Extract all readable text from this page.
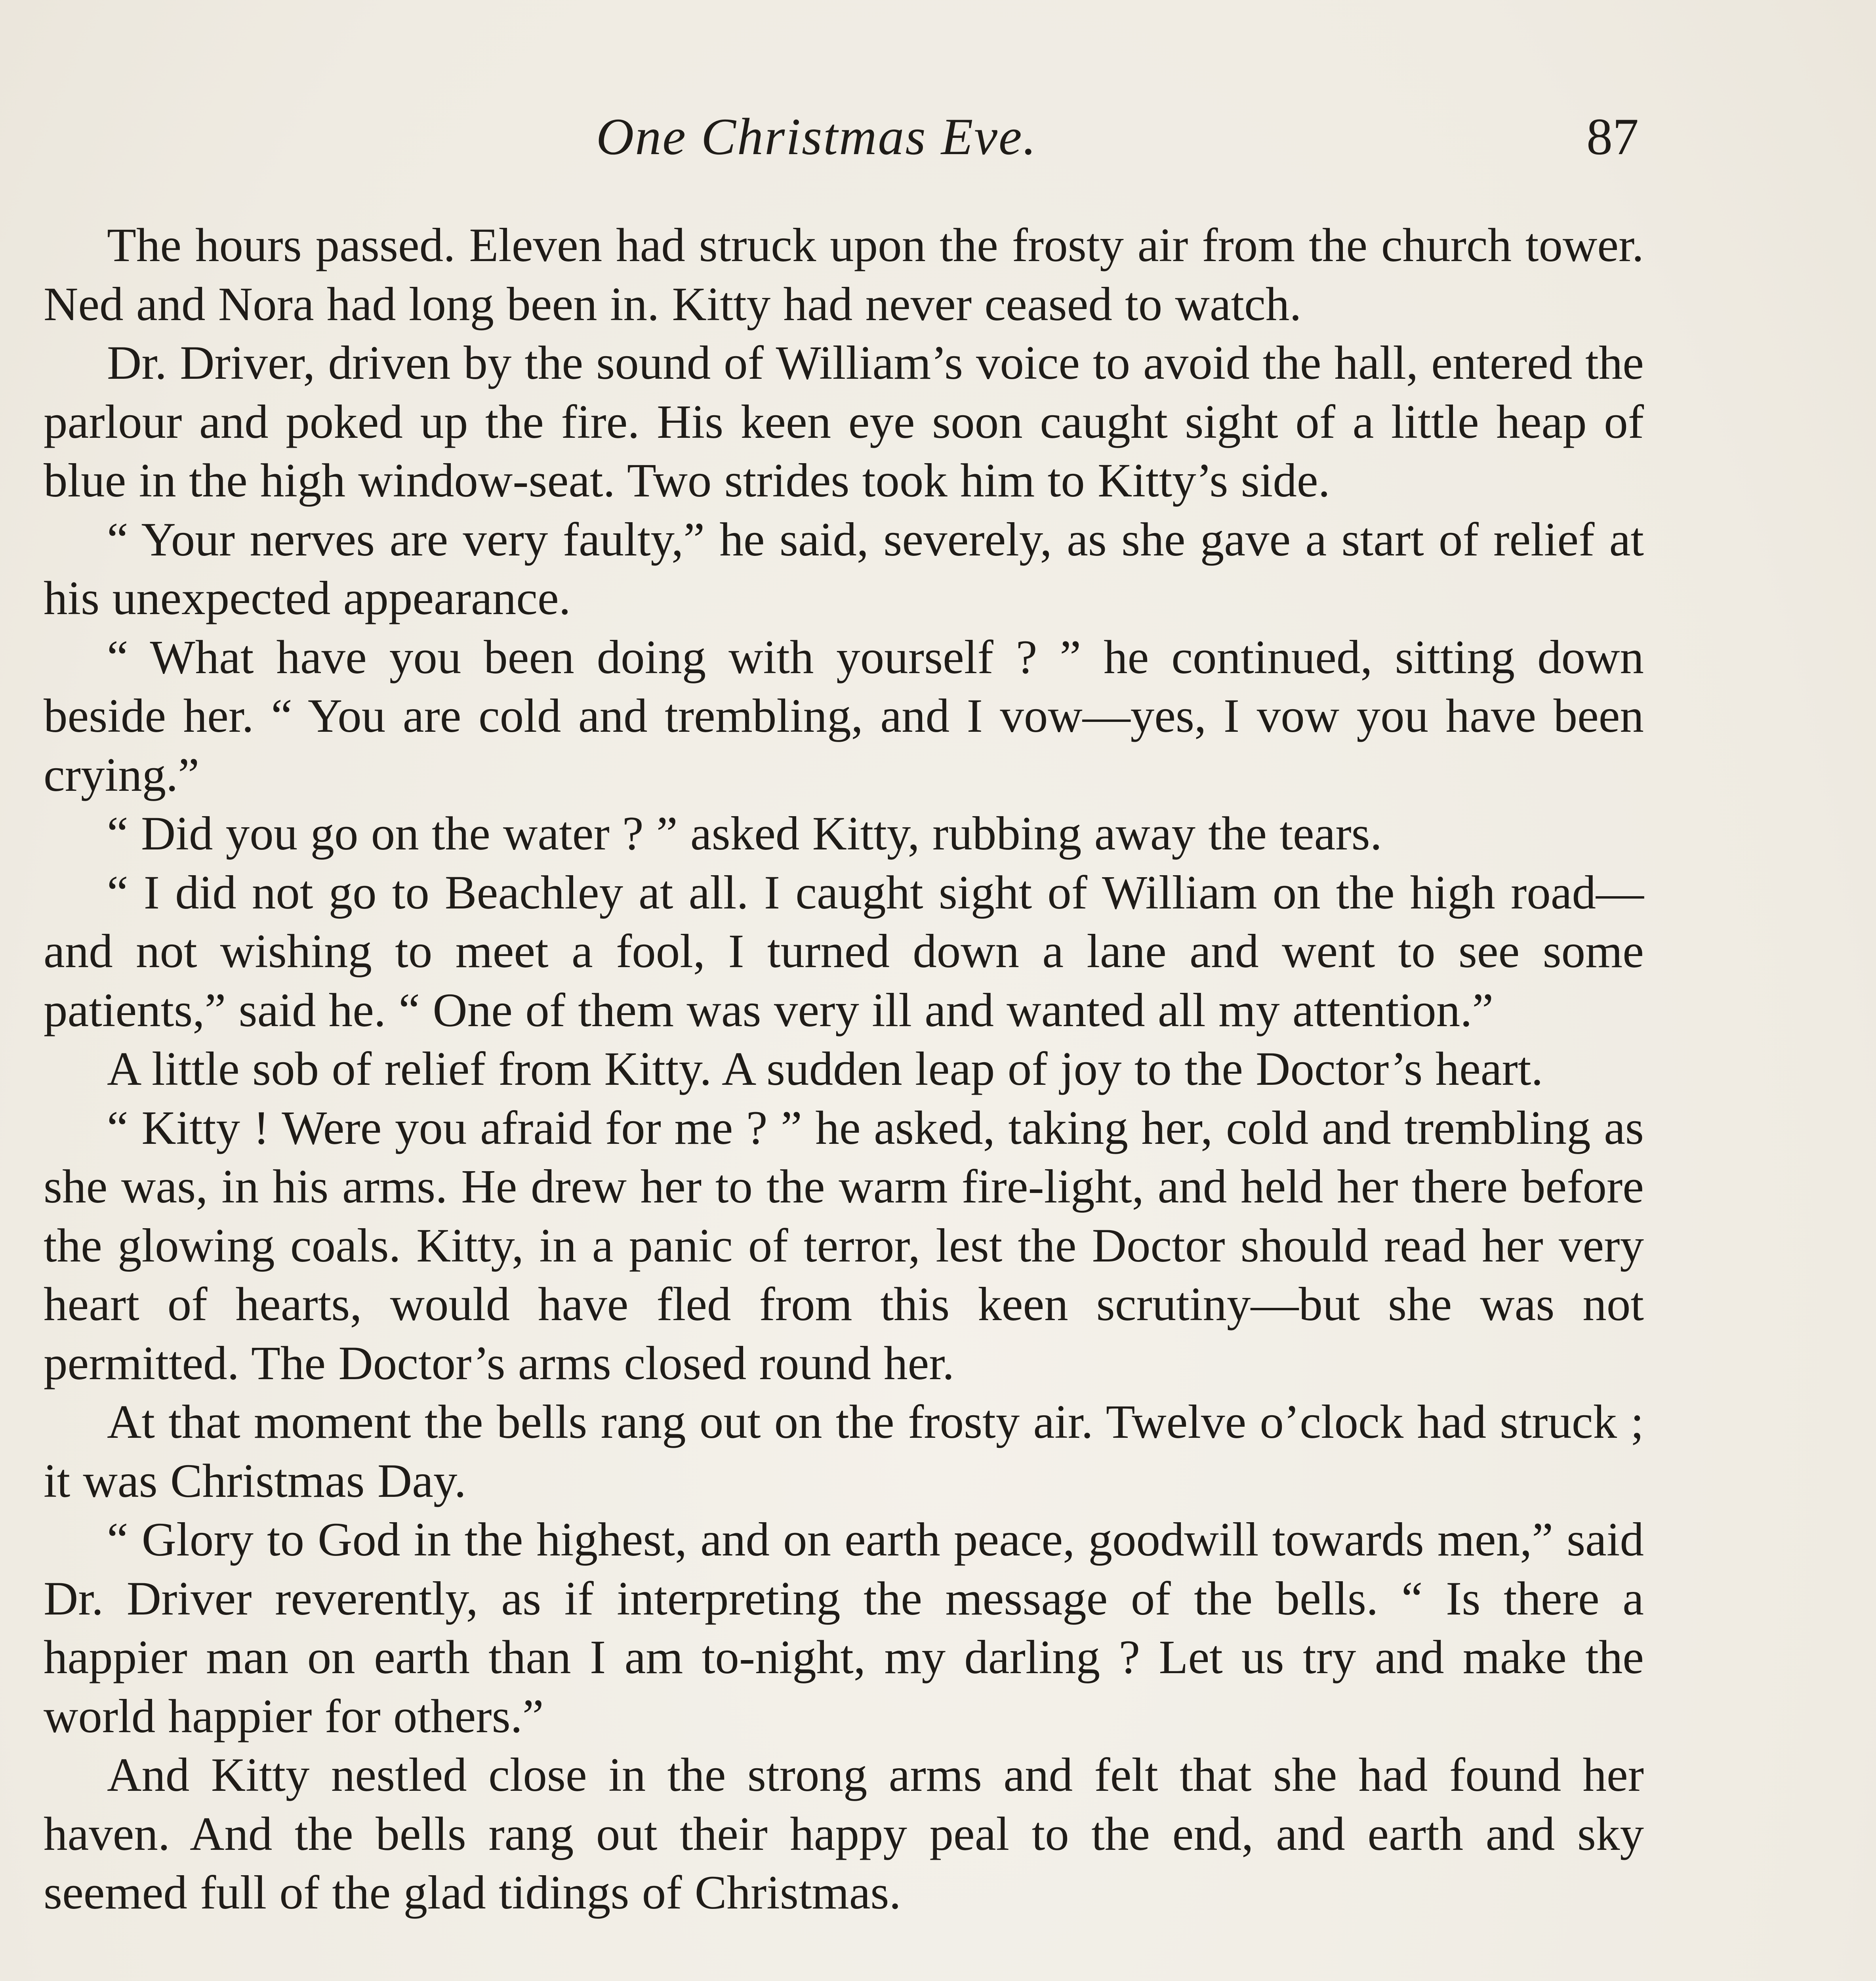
One Christmas Eve.	87

The hours passed. Eleven had struck upon the frosty air from the church tower. Ned and Nora had long been in. Kitty had never ceased to watch.

Dr. Driver, driven by the sound of William’s voice to avoid the hall, entered the parlour and poked up the fire. His keen eye soon caught sight of a little heap of blue in the high window-seat. Two strides took him to Kitty’s side.

“ Your nerves are very faulty,” he said, severely, as she gave a start of relief at his unexpected appearance.

“ What have you been doing with yourself ? ” he continued, sitting down beside her. “ You are cold and trembling, and I vow—yes, I vow you have been crying.”

“ Did you go on the water ? ” asked Kitty, rubbing away the tears.

“ I did not go to Beachley at all. I caught sight of William on the high road—and not wishing to meet a fool, I turned down a lane and went to see some patients,” said he. “ One of them was very ill and wanted all my attention.”

A little sob of relief from Kitty. A sudden leap of joy to the Doctor’s heart.

“ Kitty ! Were you afraid for me ? ” he asked, taking her, cold and trembling as she was, in his arms. He drew her to the warm fire-light, and held her there before the glowing coals. Kitty, in a panic of terror, lest the Doctor should read her very heart of hearts, would have fled from this keen scrutiny—but she was not permitted. The Doctor’s arms closed round her.

At that moment the bells rang out on the frosty air. Twelve o’clock had struck ; it was Christmas Day.

“ Glory to God in the highest, and on earth peace, goodwill towards men,” said Dr. Driver reverently, as if interpreting the message of the bells. “ Is there a happier man on earth than I am to-night, my darling ? Let us try and make the world happier for others.”

And Kitty nestled close in the strong arms and felt that she had found her haven. And the bells rang out their happy peal to the end, and earth and sky seemed full of the glad tidings of Christmas.
